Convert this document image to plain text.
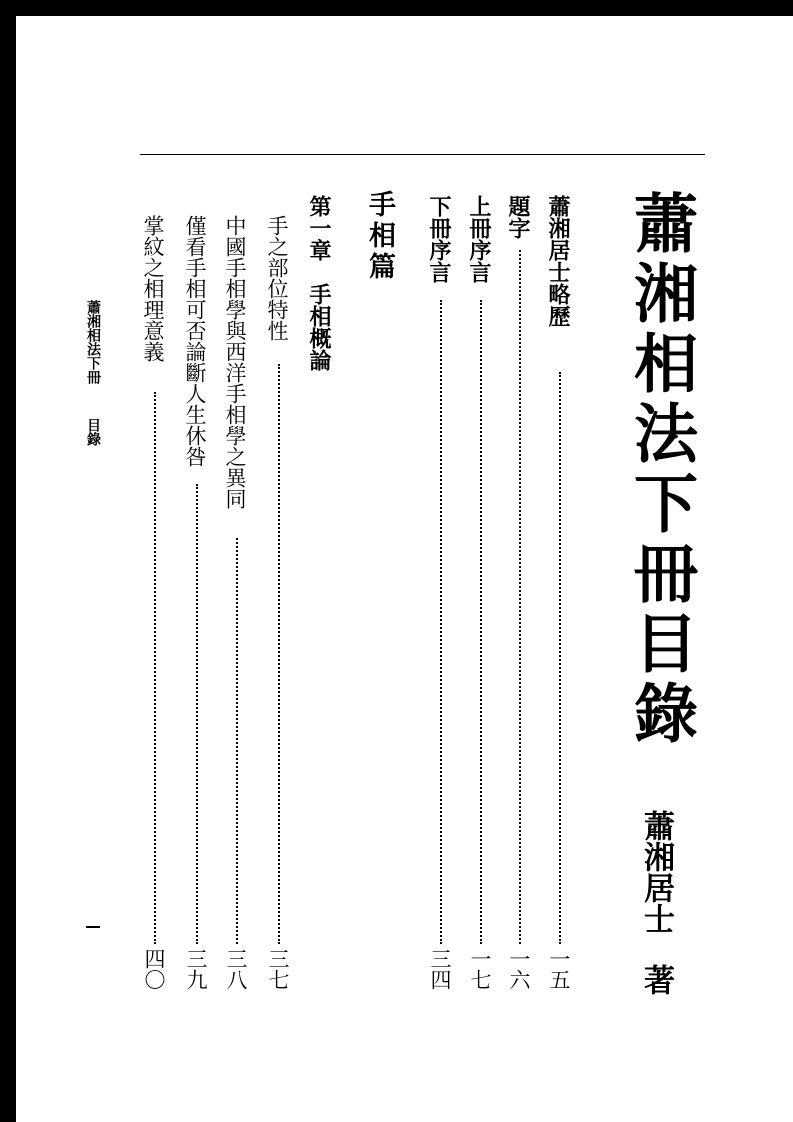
蕭湘相法下冊目錄
蕭湘居士
著
蕭湘居士略歷
一五
題字
一六
上冊序言
一七
下冊序言
三四
手相篇
第一章　手相概論
手之部位特性
三七
中國手相學與西洋手相學之異同
三八
僅看手相可否論斷人生休咎
三九
掌紋之相理意義
四〇
蕭湘相法下冊目錄
